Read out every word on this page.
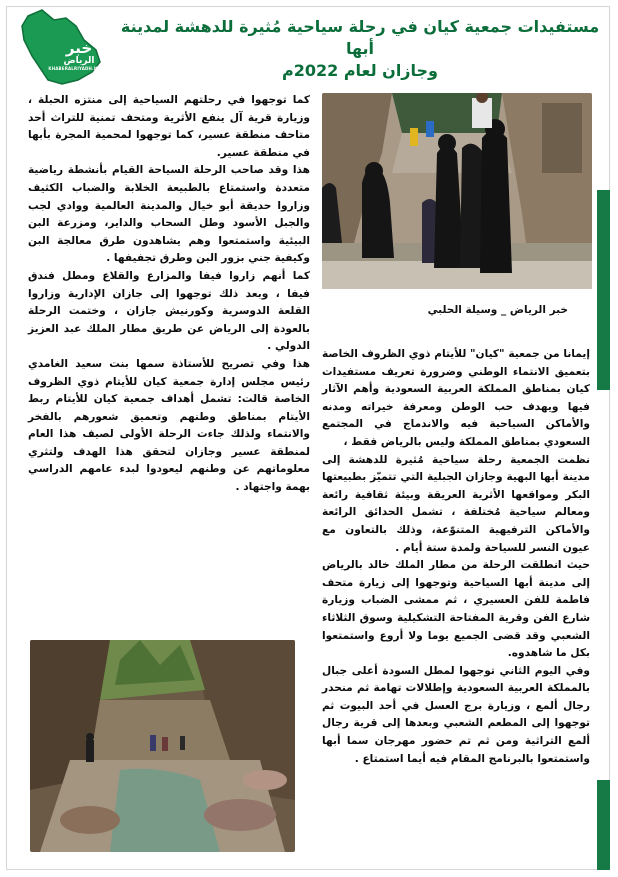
خبر
الرياض
KHABERALRIYADH.NEWS
مستفيدات جمعية كيان في رحلة سياحية مُثيرة للدهشة لمدينة أبها
وجازان لعام 2022م
خبر الرياض _ وسيلة الحلبي

إيمانا من جمعية "كيان" للأيتام ذوي الظروف الخاصة بتعميق الانتماء الوطني وضرورة تعريف مستفيدات كيان بمناطق المملكة العربية السعودية وأهم الآثار فيها ويهدف حب الوطن ومعرفة خيراته ومدنه والأماكن السياحية فيه والاندماج في المجتمع السعودي بمناطق المملكة وليس بالرياض فقط ،

نظمت الجمعية رحلة سياحية مُثيرة للدهشة إلى مدينة أبها البهية وجازان الجبلية التي تتميّز بطبيعتها البكر ومواقعها الأثرية العريقة وبيئة ثقافية رائعة ومعالم سياحية مُختلفة ، تشمل الحدائق الرائعة والأماكن الترفيهية المتنوّعة، وذلك بالتعاون مع عيون النسر للسياحة ولمدة ستة أيام .

حيث انطلقت الرحلة من مطار الملك خالد بالرياض إلى مدينة أبها السياحية وتوجهوا إلى زيارة متحف فاطمة للفن العسيري ، ثم ممشى الضباب وزيارة شارع الفن وقرية المفتاحة التشكيلية وسوق الثلاثاء الشعبي وقد قضى الجميع يوما ولا أروع واستمتعوا بكل ما شاهدوه.

وفي اليوم الثاني توجهوا لمطل السودة أعلى جبال بالمملكة العربية السعودية وإطلالات تهامة ثم منحدر رجال ألمع ، وزيارة برج العسل في أحد البيوت ثم توجهوا إلى المطعم الشعبي وبعدها إلى قرية رجال ألمع التراثية ومن ثم تم حضور مهرجان سما أبها واستمتعوا بالبرنامج المقام فيه أيما استمتاع .

كما توجهوا في رحلتهم السياحية إلى منتزه الحبلة ، وزيارة قرية آل ينفع الأثرية ومتحف تمنية للتراث أحد متاحف منطقة عسير، كما توجهوا لمحمية المجرة بأبها في منطقة عسير.

هذا وقد صاحب الرحلة السياحة القيام بأنشطة رياضية متعددة واستمتاع بالطبيعة الخلابة والضباب الكثيف وزاروا حديقة أبو خيال والمدينة العالمية ووادي لجب والجبل الأسود وطل السحاب والداير، ومزرعة البن البيئية واستمتعوا وهم يشاهدون طرق معالجة البن وكيفية جني بزور البن وطرق تجفيفها .

كما أنهم زاروا فيفا والمزارع والقلاع ومطل فندق فيفا ، وبعد ذلك توجهوا إلى جازان الإدارية وزاروا القلعة الدوسرية وكورنيش جازان ، وختمت الرحلة بالعودة إلى الرياض عن طريق مطار الملك عبد العزيز الدولي .

هذا وفي تصريح للأستاذة سمها بنت سعيد الغامدي رئيس مجلس إدارة جمعية كيان للأيتام ذوي الظروف الخاصة قالت: تشمل أهداف جمعية كيان للأيتام ربط الأيتام بمناطق وطنهم وتعميق شعورهم بالفخر والانتماء ولذلك جاءت الرحلة الأولى لصيف هذا العام لمنطقة عسير وجازان لتحقق هذا الهدف ولتثري معلوماتهم عن وطنهم ليعودوا لبدء عامهم الدراسي بهمة واجتهاد .
